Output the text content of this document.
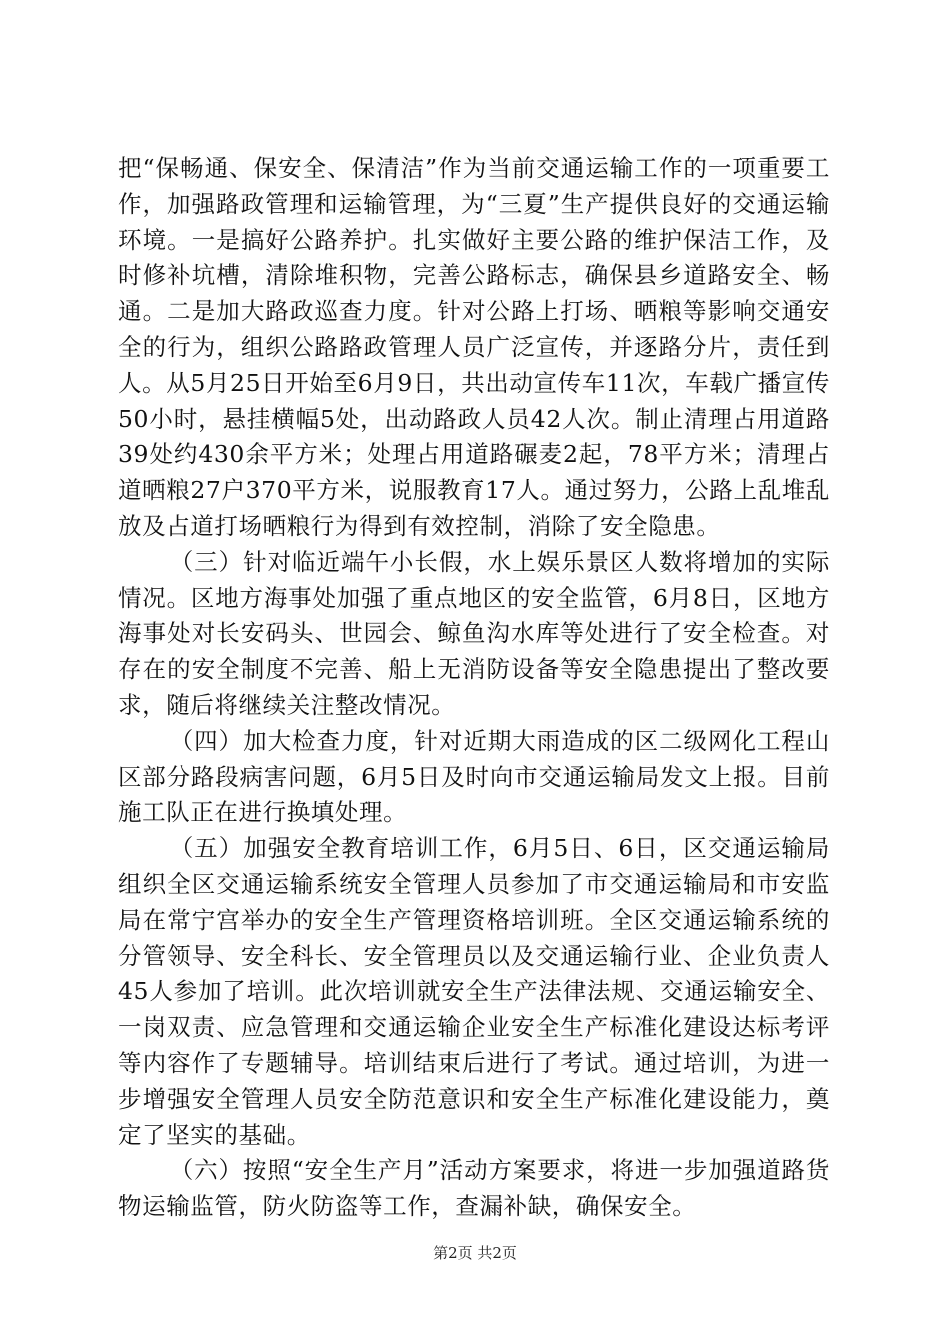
把“保畅通、保安全、保清洁”作为当前交通运输工作的一项重要工作，加强路政管理和运输管理，为“三夏”生产提供良好的交通运输环境。一是搞好公路养护。扎实做好主要公路的维护保洁工作，及时修补坑槽，清除堆积物，完善公路标志，确保县乡道路安全、畅通。二是加大路政巡查力度。针对公路上打场、晒粮等影响交通安全的行为，组织公路路政管理人员广泛宣传，并逐路分片，责任到人。从5月25日开始至6月9日，共出动宣传车11次，车载广播宣传50小时，悬挂横幅5处，出动路政人员42人次。制止清理占用道路39处约430余平方米；处理占用道路碾麦2起，78平方米；清理占道晒粮27户370平方米，说服教育17人。通过努力，公路上乱堆乱放及占道打场晒粮行为得到有效控制，消除了安全隐患。

（三）针对临近端午小长假，水上娱乐景区人数将增加的实际情况。区地方海事处加强了重点地区的安全监管，6月8日，区地方海事处对长安码头、世园会、鲸鱼沟水库等处进行了安全检查。对存在的安全制度不完善、船上无消防设备等安全隐患提出了整改要求，随后将继续关注整改情况。

（四）加大检查力度，针对近期大雨造成的区二级网化工程山区部分路段病害问题，6月5日及时向市交通运输局发文上报。目前施工队正在进行换填处理。

（五）加强安全教育培训工作，6月5日、6日，区交通运输局组织全区交通运输系统安全管理人员参加了市交通运输局和市安监局在常宁宫举办的安全生产管理资格培训班。全区交通运输系统的分管领导、安全科长、安全管理员以及交通运输行业、企业负责人45人参加了培训。此次培训就安全生产法律法规、交通运输安全、一岗双责、应急管理和交通运输企业安全生产标准化建设达标考评等内容作了专题辅导。培训结束后进行了考试。通过培训，为进一步增强安全管理人员安全防范意识和安全生产标准化建设能力，奠定了坚实的基础。

（六）按照“安全生产月”活动方案要求，将进一步加强道路货物运输监管，防火防盗等工作，查漏补缺，确保安全。

第2页 共2页
